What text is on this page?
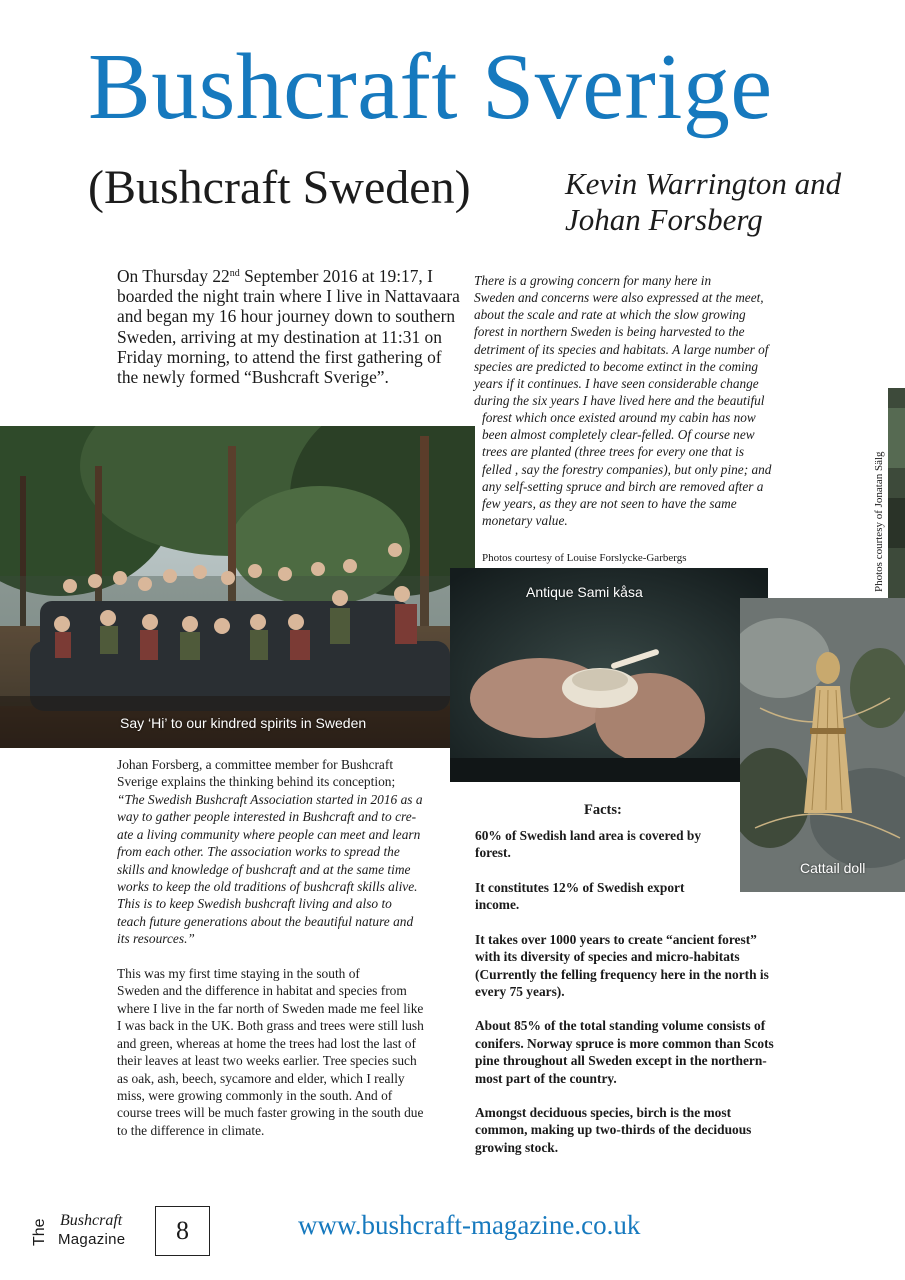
Bushcraft Sverige
(Bushcraft Sweden)	Kevin Warrington and
Johan Forsberg

On Thursday 22nd September 2016 at 19:17, I boarded the night train where I live in Nattavaara and began my 16 hour journey down to southern Sweden, arriving at my destination at 11:31 on Friday morning, to attend the first gathering of the newly formed “Bushcraft Sverige”.

There is a growing concern for many here in
Sweden and concerns were also expressed at the meet,
about the scale and rate at which the slow growing
forest in northern Sweden is being harvested to the
detriment of its species and habitats. A large number of
species are predicted to become extinct in the coming
years if it continues. I have seen considerable change
during the six years I have lived here and the beautiful
forest which once existed around my cabin has now
been almost completely clear-felled. Of course new
trees are planted (three trees for every one that is
felled , say the forestry companies), but only pine; and
any self-setting spruce and birch are removed after a
few years, as they are not seen to have the same
monetary value.
Photos courtesy of Louise Forslycke-Garbergs	Photos courtesy of Jonatan Sälg
Say ‘Hi’ to our kindred spirits in Sweden
Antique Sami kåsa
Cattail doll
Johan Forsberg, a committee member for Bushcraft
Sverige explains the thinking behind its conception;
“The Swedish Bushcraft Association started in 2016 as a
way to gather people interested in Bushcraft and to cre-
ate a living community where people can meet and learn
from each other. The association works to spread the
skills and knowledge of bushcraft and at the same time
works to keep the old traditions of bushcraft skills alive.
This is to keep Swedish bushcraft living and also to
teach future generations about the beautiful nature and
its resources.”
This was my first time staying in the south of
Sweden and the difference in habitat and species from
where I live in the far north of Sweden made me feel like
I was back in the UK. Both grass and trees were still lush
and green, whereas at home the trees had lost the last of
their leaves at least two weeks earlier. Tree species such
as oak, ash, beech, sycamore and elder, which I really
miss, were growing commonly in the south. And of
course trees will be much faster growing in the south due
to the difference in climate.
Facts:
60% of Swedish land area is covered by
forest.
It constitutes 12% of Swedish export
income.
It takes over 1000 years to create “ancient forest”
with its diversity of species and micro-habitats
(Currently the felling frequency here in the north is
every 75 years).
About 85% of the total standing volume consists of
conifers. Norway spruce is more common than Scots
pine throughout all Sweden except in the northern-
most part of the country.
Amongst deciduous species, birch is the most
common, making up two-thirds of the deciduous
growing stock.
The Bushcraft
Magazine	8	www.bushcraft-magazine.co.uk
